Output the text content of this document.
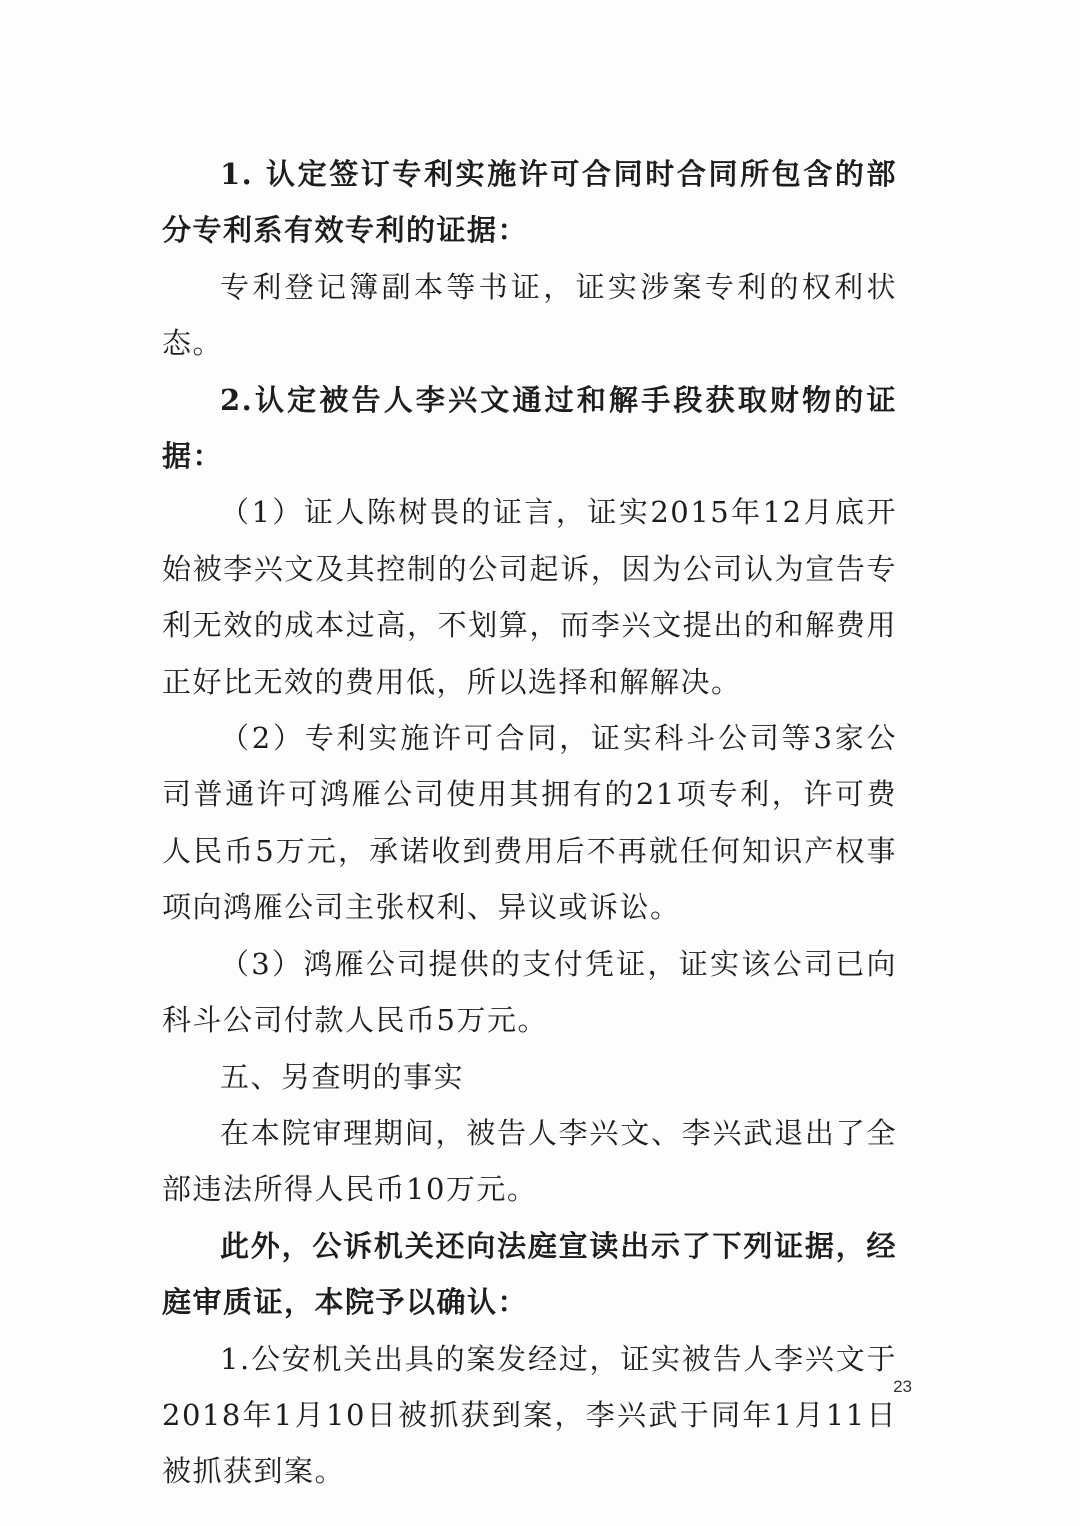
1. 认定签订专利实施许可合同时合同所包含的部分专利系有效专利的证据：

专利登记簿副本等书证，证实涉案专利的权利状态。

2.认定被告人李兴文通过和解手段获取财物的证据：

（1）证人陈树畏的证言，证实2015年12月底开始被李兴文及其控制的公司起诉，因为公司认为宣告专利无效的成本过高，不划算，而李兴文提出的和解费用正好比无效的费用低，所以选择和解解决。

（2）专利实施许可合同，证实科斗公司等3家公司普通许可鸿雁公司使用其拥有的21项专利，许可费人民币5万元，承诺收到费用后不再就任何知识产权事项向鸿雁公司主张权利、异议或诉讼。

（3）鸿雁公司提供的支付凭证，证实该公司已向科斗公司付款人民币5万元。

五、另查明的事实

在本院审理期间，被告人李兴文、李兴武退出了全部违法所得人民币10万元。

此外，公诉机关还向法庭宣读出示了下列证据，经庭审质证，本院予以确认：

1.公安机关出具的案发经过，证实被告人李兴文于2018年1月10日被抓获到案，李兴武于同年1月11日被抓获到案。

23
